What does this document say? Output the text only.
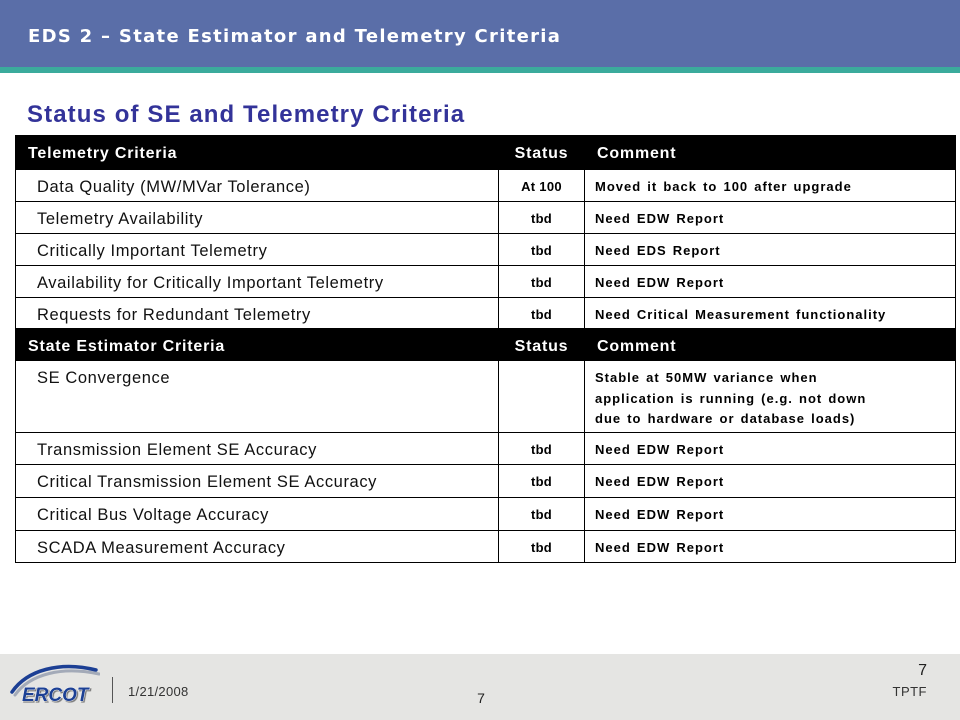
EDS 2 – State Estimator and Telemetry Criteria
Status of SE and Telemetry Criteria
Telemetry Criteria	Status	Comment
Data Quality (MW/MVar Tolerance)	At 100	Moved it back to 100 after upgrade
Telemetry Availability	tbd	Need EDW Report
Critically Important Telemetry	tbd	Need EDS Report
Availability for Critically Important Telemetry	tbd	Need EDW Report
Requests for Redundant Telemetry	tbd	Need Critical Measurement functionality
State Estimator Criteria	Status	Comment
SE Convergence		Stable at 50MW variance when application is running (e.g. not down due to hardware or database loads)

Transmission Element SE Accuracy	tbd	Need EDW Report
Critical Transmission Element SE Accuracy	tbd	Need EDW Report
Critical Bus Voltage Accuracy	tbd	Need EDW Report
SCADA Measurement Accuracy	tbd	Need EDW Report
ERCOT	1/21/2008	7
7
TPTF
